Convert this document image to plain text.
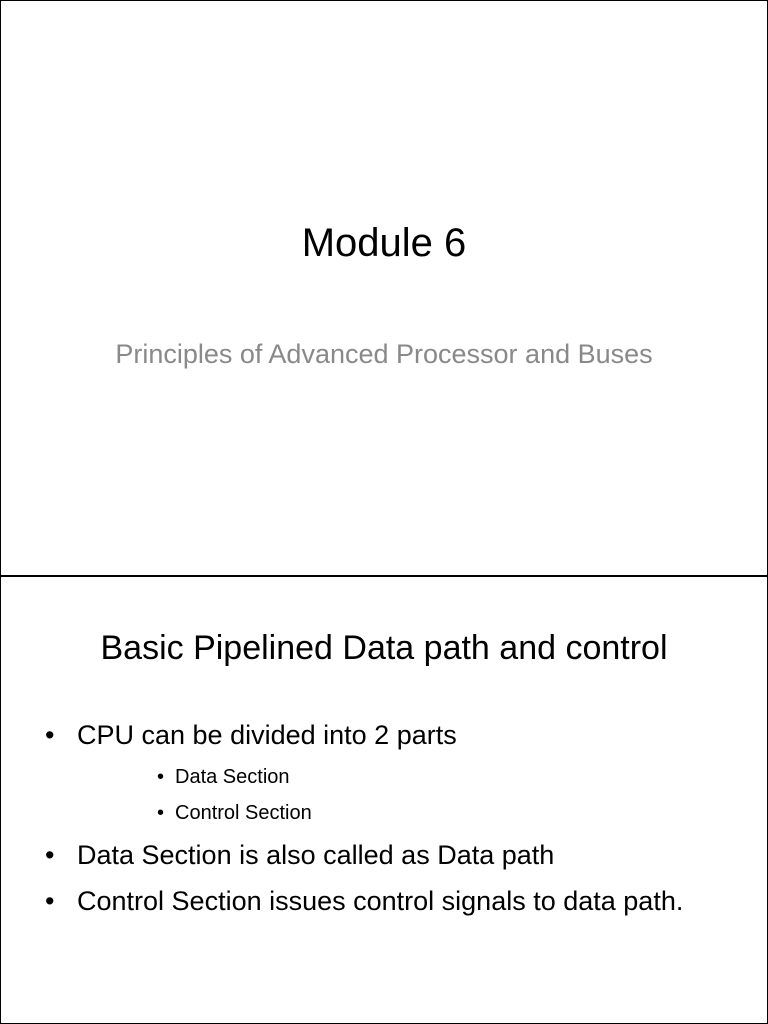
Module 6

Principles of Advanced Processor and Buses

Basic Pipelined Data path and control
• CPU can be divided into 2 parts
• Data Section
• Control Section
• Data Section is also called as Data path
• Control Section issues control signals to data path.
